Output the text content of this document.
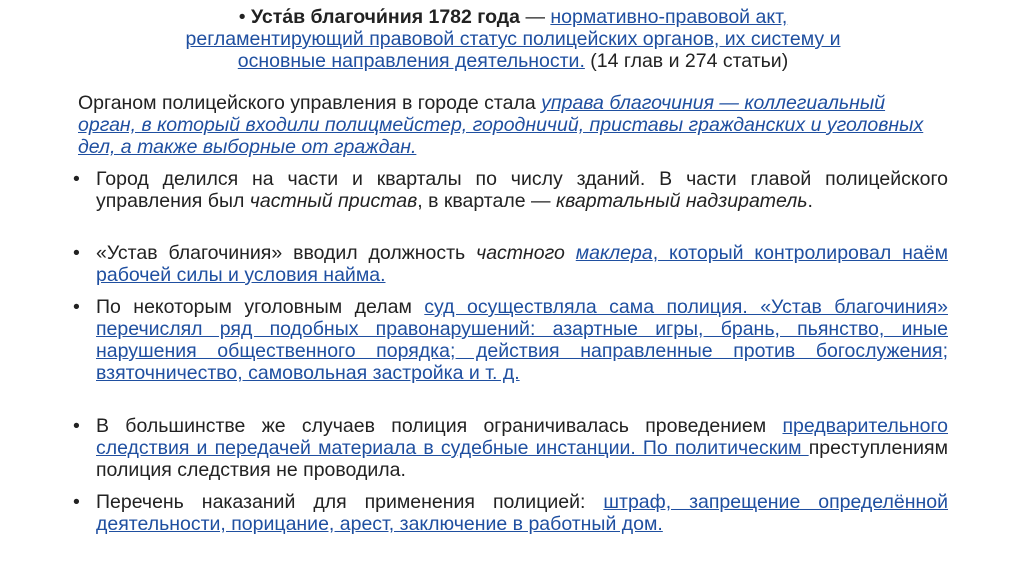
• Уста́в благочи́ния 1782 года — нормативно-правовой акт,
регламентирующий правовой статус полицейских органов, их систему и
основные направления деятельности. (14 глав и 274 статьи)
Органом полицейского управления в городе стала управа благочиния — коллегиальный орган, в который входили полицмейстер, городничий, приставы гражданских и уголовных дел, а также выборные от граждан.
• Город делился на части и кварталы по числу зданий. В части главой полицейского управления был частный пристав, в квартале — квартальный надзиратель.
• «Устав благочиния» вводил должность частного маклера, который контролировал наём рабочей силы и условия найма.
• По некоторым уголовным делам суд осуществляла сама полиция. «Устав благочиния» перечислял ряд подобных правонарушений: азартные игры, брань, пьянство, иные нарушения общественного порядка; действия направленные против богослужения; взяточничество, самовольная застройка и т. д.
• В большинстве же случаев полиция ограничивалась проведением предварительного следствия и передачей материала в судебные инстанции. По политическим преступлениям полиция следствия не проводила.
• Перечень наказаний для применения полицией: штраф, запрещение определённой деятельности, порицание, арест, заключение в работный дом.
